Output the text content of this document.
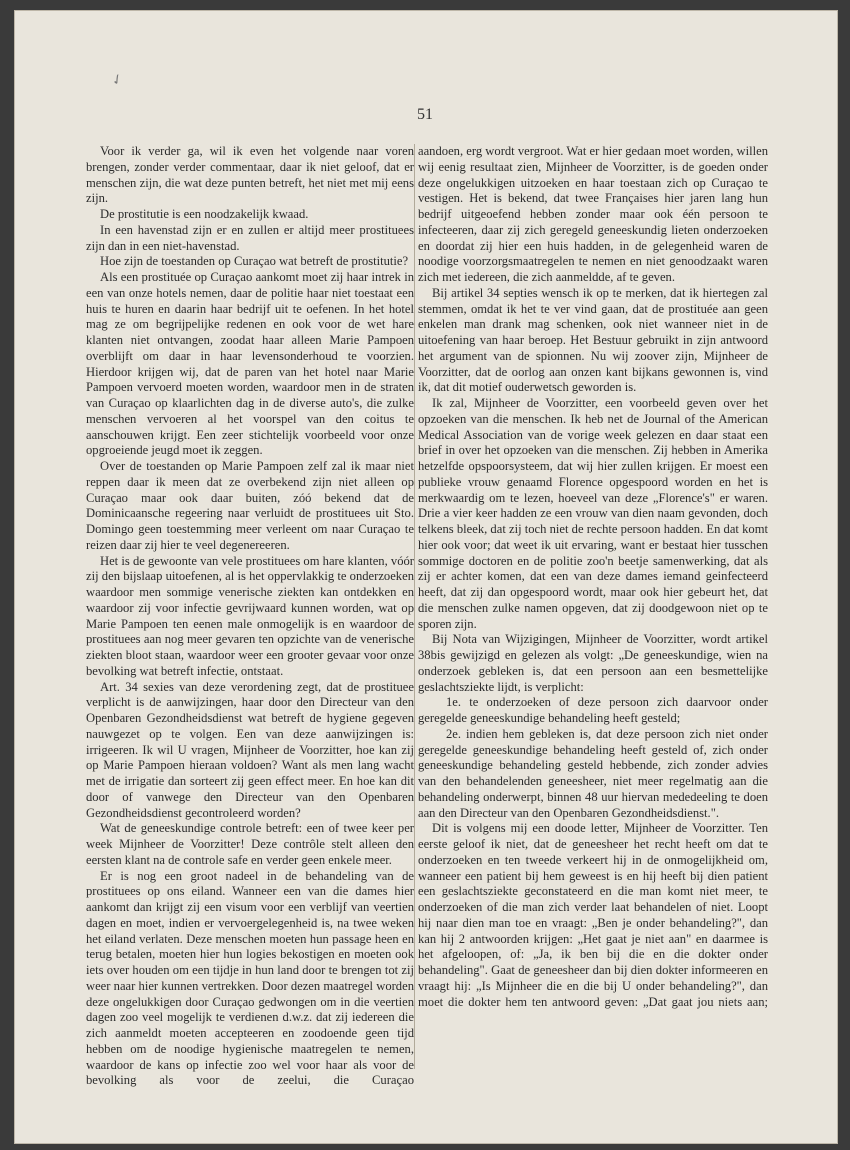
✓
51

Voor ik verder ga, wil ik even het volgende naar voren brengen, zonder verder commentaar, daar ik niet geloof, dat er menschen zijn, die wat deze punten betreft, het niet met mij eens zijn.

De prostitutie is een noodzakelijk kwaad.

In een havenstad zijn er en zullen er altijd meer prostituees zijn dan in een niet-havenstad.

Hoe zijn de toestanden op Curaçao wat betreft de prostitutie?

Als een prostituée op Curaçao aankomt moet zij haar intrek in een van onze hotels nemen, daar de politie haar niet toestaat een huis te huren en daarin haar bedrijf uit te oefenen. In het hotel mag ze om begrijpelijke redenen en ook voor de wet hare klanten niet ontvangen, zoodat haar alleen Marie Pampoen overblijft om daar in haar levensonderhoud te voorzien. Hierdoor krijgen wij, dat de paren van het hotel naar Marie Pampoen vervoerd moeten worden, waardoor men in de straten van Curaçao op klaarlichten dag in de diverse auto's, die zulke menschen vervoeren al het voorspel van den coitus te aanschouwen krijgt. Een zeer stichtelijk voorbeeld voor onze opgroeiende jeugd moet ik zeggen.

Over de toestanden op Marie Pampoen zelf zal ik maar niet reppen daar ik meen dat ze overbekend zijn niet alleen op Curaçao maar ook daar buiten, zóó bekend dat de Dominicaansche regeering naar verluidt de prostituees uit Sto. Domingo geen toestemming meer verleent om naar Curaçao te reizen daar zij hier te veel degenereeren.

Het is de gewoonte van vele prostituees om hare klanten, vóór zij den bijslaap uitoefenen, al is het oppervlakkig te onderzoeken waardoor men sommige venerische ziekten kan ontdekken en waardoor zij voor infectie gevrijwaard kunnen worden, wat op Marie Pampoen ten eenen male onmogelijk is en waardoor de prostituees aan nog meer gevaren ten opzichte van de venerische ziekten bloot staan, waardoor weer een grooter gevaar voor onze bevolking wat betreft infectie, ontstaat.

Art. 34 sexies van deze verordening zegt, dat de prostituee verplicht is de aanwijzingen, haar door den Directeur van den Openbaren Gezondheidsdienst wat betreft de hygiene gegeven nauwgezet op te volgen. Een van deze aanwijzingen is: irrigeeren. Ik wil U vragen, Mijnheer de Voorzitter, hoe kan zij op Marie Pampoen hieraan voldoen? Want als men lang wacht met de irrigatie dan sorteert zij geen effect meer. En hoe kan dit door of vanwege den Directeur van den Openbaren Gezondheidsdienst gecontroleerd worden?

Wat de geneeskundige controle betreft: een of twee keer per week Mijnheer de Voorzitter! Deze contrôle stelt alleen den eersten klant na de controle safe en verder geen enkele meer.

Er is nog een groot nadeel in de behandeling van de prostituees op ons eiland. Wanneer een van die dames hier aankomt dan krijgt zij een visum voor een verblijf van veertien dagen en moet, indien er vervoergelegenheid is, na twee weken het eiland verlaten. Deze menschen moeten hun passage heen en terug betalen, moeten hier hun logies bekostigen en moeten ook iets over houden om een tijdje in hun land door te brengen tot zij weer naar hier kunnen vertrekken. Door dezen maatregel worden deze ongelukkigen door Curaçao gedwongen om in die veertien dagen zoo veel mogelijk te verdienen d.w.z. dat zij iedereen die zich aanmeldt moeten accepteeren en zoodoende geen tijd hebben om de noodige hygienische maatregelen te nemen, waardoor de kans op infectie zoo wel voor haar als voor de bevolking als voor de zeelui, die Curaçao

aandoen, erg wordt vergroot. Wat er hier gedaan moet worden, willen wij eenig resultaat zien, Mijnheer de Voorzitter, is de goeden onder deze ongelukkigen uitzoeken en haar toestaan zich op Curaçao te vestigen. Het is bekend, dat twee Françaises hier jaren lang hun bedrijf uitgeoefend hebben zonder maar ook één persoon te infecteeren, daar zij zich geregeld geneeskundig lieten onderzoeken en doordat zij hier een huis hadden, in de gelegenheid waren de noodige voorzorgsmaatregelen te nemen en niet genoodzaakt waren zich met iedereen, die zich aanmeldde, af te geven.

Bij artikel 34 septies wensch ik op te merken, dat ik hiertegen zal stemmen, omdat ik het te ver vind gaan, dat de prostituée aan geen enkelen man drank mag schenken, ook niet wanneer niet in de uitoefening van haar beroep. Het Bestuur gebruikt in zijn antwoord het argument van de spionnen. Nu wij zoover zijn, Mijnheer de Voorzitter, dat de oorlog aan onzen kant bijkans gewonnen is, vind ik, dat dit motief ouderwetsch geworden is.

Ik zal, Mijnheer de Voorzitter, een voorbeeld geven over het opzoeken van die menschen. Ik heb net de Journal of the American Medical Association van de vorige week gelezen en daar staat een brief in over het opzoeken van die menschen. Zij hebben in Amerika hetzelfde opspoorsysteem, dat wij hier zullen krijgen. Er moest een publieke vrouw genaamd Florence opgespoord worden en het is merkwaardig om te lezen, hoeveel van deze „Florence's" er waren. Drie a vier keer hadden ze een vrouw van dien naam gevonden, doch telkens bleek, dat zij toch niet de rechte persoon hadden. En dat komt hier ook voor; dat weet ik uit ervaring, want er bestaat hier tusschen sommige doctoren en de politie zoo'n beetje samenwerking, dat als zij er achter komen, dat een van deze dames iemand geinfecteerd heeft, dat zij dan opgespoord wordt, maar ook hier gebeurt het, dat die menschen zulke namen opgeven, dat zij doodgewoon niet op te sporen zijn.

Bij Nota van Wijzigingen, Mijnheer de Voorzitter, wordt artikel 38bis gewijzigd en gelezen als volgt: „De geneeskundige, wien na onderzoek gebleken is, dat een persoon aan een besmettelijke geslachtsziekte lijdt, is verplicht:

1e. te onderzoeken of deze persoon zich daarvoor onder geregelde geneeskundige behandeling heeft gesteld;

2e. indien hem gebleken is, dat deze persoon zich niet onder geregelde geneeskundige behandeling heeft gesteld of, zich onder geneeskundige behandeling gesteld hebbende, zich zonder advies van den behandelenden geneesheer, niet meer regelmatig aan die behandeling onderwerpt, binnen 48 uur hiervan mededeeling te doen aan den Directeur van den Openbaren Gezondheidsdienst.".

Dit is volgens mij een doode letter, Mijnheer de Voorzitter. Ten eerste geloof ik niet, dat de geneesheer het recht heeft om dat te onderzoeken en ten tweede verkeert hij in de onmogelijkheid om, wanneer een patient bij hem geweest is en hij heeft bij dien patient een geslachtsziekte geconstateerd en die man komt niet meer, te onderzoeken of die man zich verder laat behandelen of niet. Loopt hij naar dien man toe en vraagt: „Ben je onder behandeling?", dan kan hij 2 antwoorden krijgen: „Het gaat je niet aan" en daarmee is het afgeloopen, of: „Ja, ik ben bij die en die dokter onder behandeling". Gaat de geneesheer dan bij dien dokter informeeren en vraagt hij: „Is Mijnheer die en die bij U onder behandeling?", dan moet die dokter hem ten antwoord geven: „Dat gaat jou niets aan;
